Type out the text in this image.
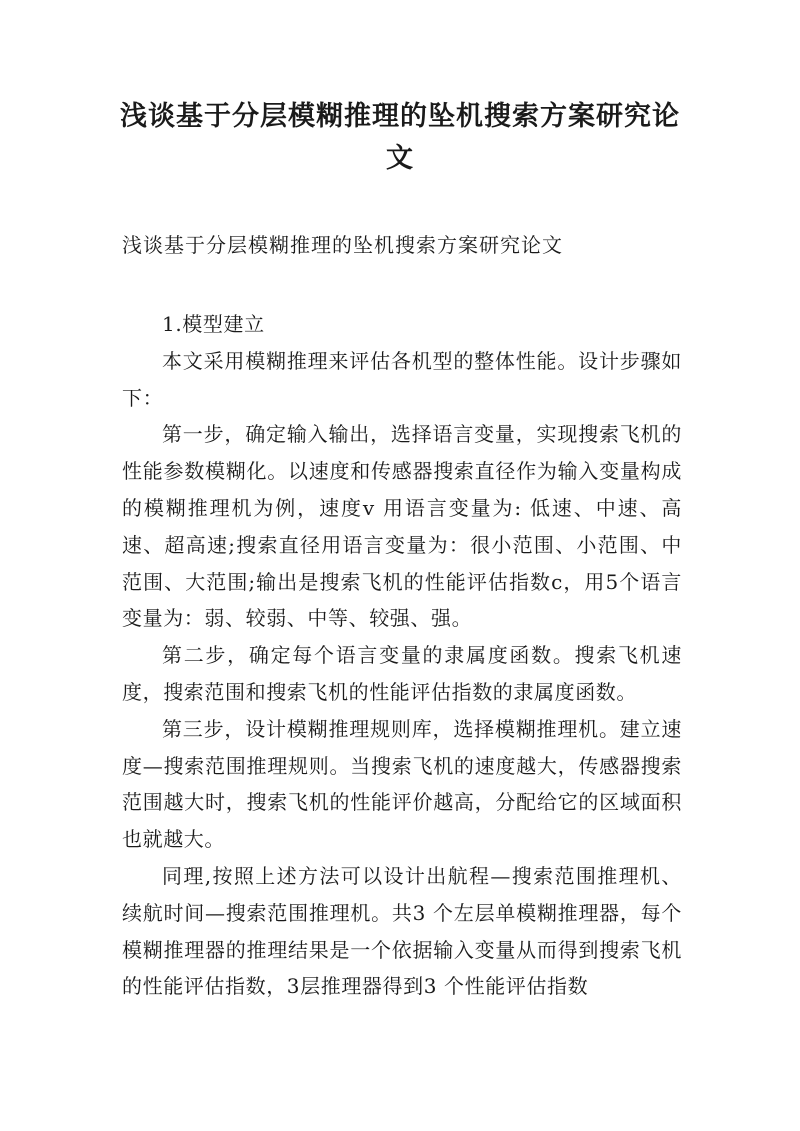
浅谈基于分层模糊推理的坠机搜索方案研究论文

浅谈基于分层模糊推理的坠机搜索方案研究论文

1.模型建立

本文采用模糊推理来评估各机型的整体性能。设计步骤如下：

第一步，确定输入输出，选择语言变量，实现搜索飞机的性能参数模糊化。以速度和传感器搜索直径作为输入变量构成的模糊推理机为例，速度v 用语言变量为: 低速、中速、高速、超高速;搜索直径用语言变量为：很小范围、小范围、中范围、大范围;输出是搜索飞机的性能评估指数c，用5个语言变量为：弱、较弱、中等、较强、强。

第二步，确定每个语言变量的隶属度函数。搜索飞机速度，搜索范围和搜索飞机的性能评估指数的隶属度函数。

第三步，设计模糊推理规则库，选择模糊推理机。建立速度—搜索范围推理规则。当搜索飞机的速度越大，传感器搜索范围越大时，搜索飞机的性能评价越高，分配给它的区域面积也就越大。

同理,按照上述方法可以设计出航程—搜索范围推理机、续航时间—搜索范围推理机。共3 个左层单模糊推理器，每个模糊推理器的推理结果是一个依据输入变量从而得到搜索飞机的性能评估指数，3层推理器得到3 个性能评估指数
